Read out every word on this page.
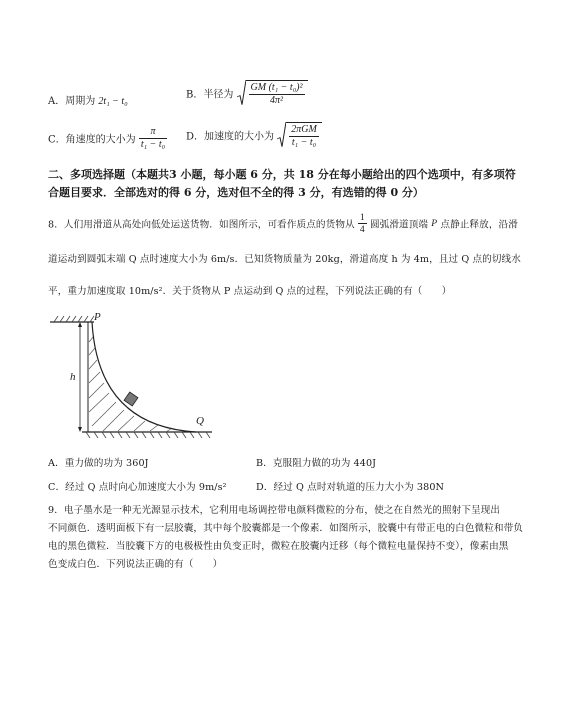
A．周期为 2t₁ − t₀
B．半径为 $\frac{\text{GM (t₁ − t₀)²}}{\text{4π²}}$
C．角速度的大小为 $\frac{\pi}{\text{t₁ − t₀}}$ D．加速度的大小为 $\frac{\text{2πGM}}{\text{t₁ − t₀}}$
二、多项选择题（本题共3 小题，每小题 6 分，共 18 分在每小题给出的四个选项中，有多项符
合题目要求．全部选对的得 6 分，选对但不全的得 3 分，有选错的得 0 分）
8．人们用滑道从高处向低处运送货物．如图所示，可看作质点的货物从 $\frac{1}{4}$ 圆弧滑道顶端 P 点静止释放，沿滑
道运动到圆弧末端 Q 点时速度大小为 6m/s．已知货物质量为 20kg，滑道高度 h 为 4m，且过 Q 点的切线水
平，重力加速度取 10m/s²．关于货物从 P 点运动到 Q 点的过程，下列说法正确的有（　　）
P
h
Q
A．重力做的功为 360J	B．克服阻力做的功为 440J
C．经过 Q 点时向心加速度大小为 9m/s²	D．经过 Q 点时对轨道的压力大小为 380N
9．电子墨水是一种无光源显示技术，它利用电场调控带电颜料微粒的分布，使之在自然光的照射下呈现出
不同颜色．透明面板下有一层胶囊，其中每个胶囊都是一个像素．如图所示，胶囊中有带正电的白色微粒和带负
电的黑色微粒．当胶囊下方的电极极性由负变正时，微粒在胶囊内迁移（每个微粒电量保持不变），像素由黑
色变成白色．下列说法正确的有（　　）
